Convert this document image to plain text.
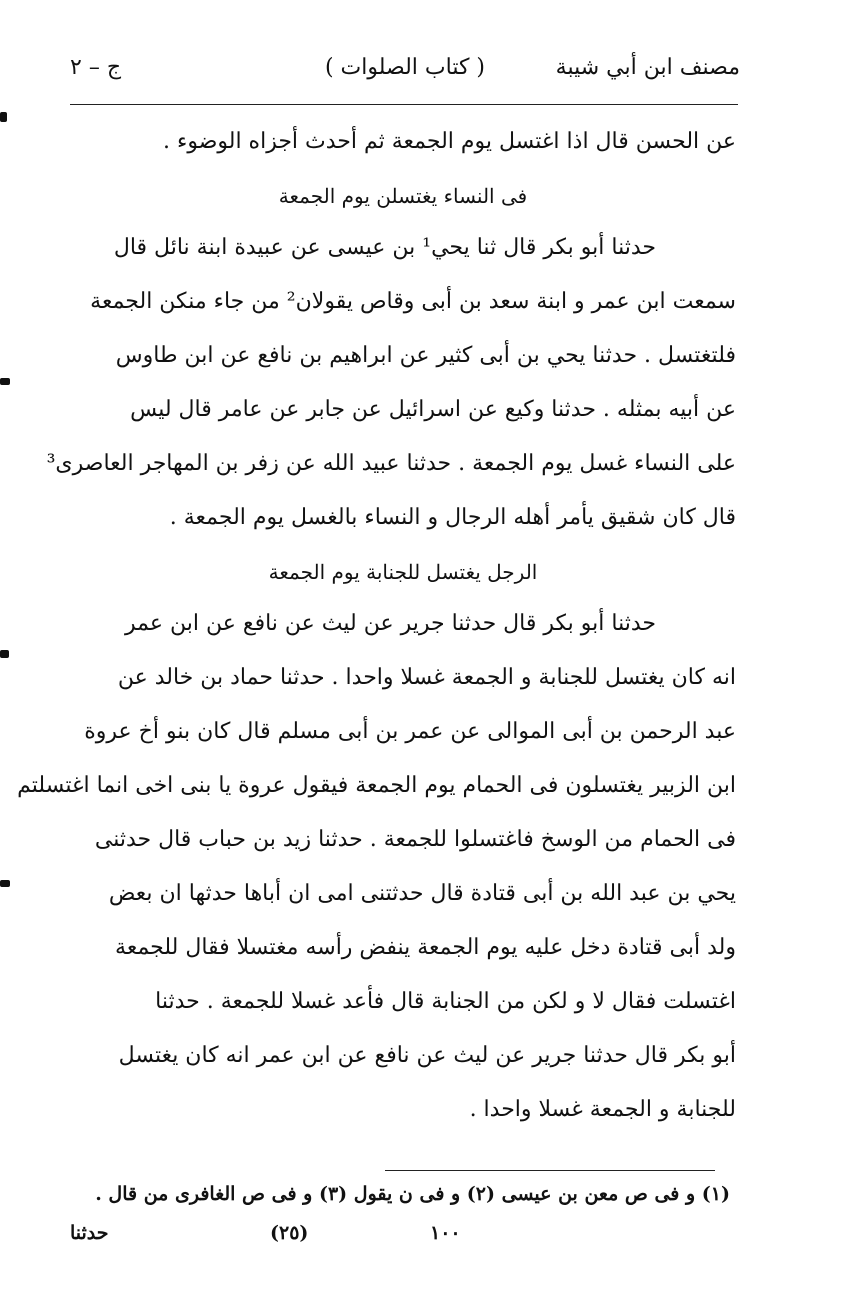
مصنف ابن أبي شيبة
( كتاب الصلوات )
ج – ٢
عن الحسن قال اذا اغتسل يوم الجمعة ثم أحدث أجزاه الوضوء .
فى النساء يغتسلن يوم الجمعة
حدثنا أبو بكر قال ثنا يحي¹ بن عيسى عن عبيدة ابنة نائل قال
سمعت ابن عمر و ابنة سعد بن أبى وقاص يقولان² من جاء منكن الجمعة
فلتغتسل . حدثنا يحي بن أبى كثير عن ابراهيم بن نافع عن ابن طاوس
عن أبيه بمثله . حدثنا وكيع عن اسرائيل عن جابر عن عامر قال ليس
على النساء غسل يوم الجمعة . حدثنا عبيد الله عن زفر بن المهاجر العاصرى³
قال كان شقيق يأمر أهله الرجال و النساء بالغسل يوم الجمعة .
الرجل يغتسل للجنابة يوم الجمعة
حدثنا أبو بكر قال حدثنا جرير عن ليث عن نافع عن ابن عمر
انه كان يغتسل للجنابة و الجمعة غسلا واحدا . حدثنا حماد بن خالد عن
عبد الرحمن بن أبى الموالى عن عمر بن أبى مسلم قال كان بنو أخ عروة
ابن الزبير يغتسلون فى الحمام يوم الجمعة فيقول عروة يا بنى اخى انما اغتسلتم
فى الحمام من الوسخ فاغتسلوا للجمعة . حدثنا زيد بن حباب قال حدثنى
يحي بن عبد الله بن أبى قتادة قال حدثتنى امى ان أباها حدثها ان بعض
ولد أبى قتادة دخل عليه يوم الجمعة ينفض رأسه مغتسلا فقال للجمعة
اغتسلت فقال لا و لكن من الجنابة قال فأعد غسلا للجمعة . حدثنا
أبو بكر قال حدثنا جرير عن ليث عن نافع عن ابن عمر انه كان يغتسل
للجنابة و الجمعة غسلا واحدا .
(١) و فى ص معن بن عيسى (٢) و فى ن يقول (٣) و فى ص الغافرى من قال .
حدثنا	(٢٥)	١٠٠
